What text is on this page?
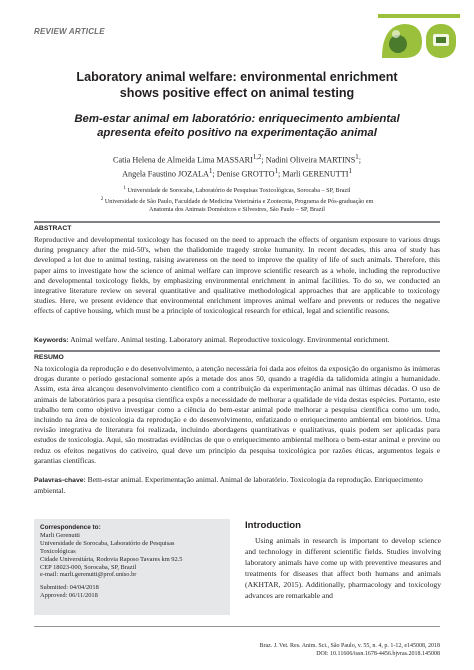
REVIEW ARTICLE
Laboratory animal welfare: environmental enrichment
shows positive effect on animal testing
Bem-estar animal em laboratório: enriquecimento ambiental
apresenta efeito positivo na experimentação animal
Catia Helena de Almeida Lima MASSARI$^{1,2}$; Nadini Oliveira MARTINS$^1$;
Angela Faustino JOZALA$^1$; Denise GROTTO$^1$; Marli GERENUTTI$^1$
$^1$ Universidade de Sorocaba, Laboratório de Pesquisas Toxicológicas, Sorocaba – SP, Brazil
$^2$ Universidade de São Paulo, Faculdade de Medicina Veterinária e Zootecnia, Programa de Pós-graduação em Anatomia dos Animais Domésticos e Silvestres, São Paulo – SP, Brazil
ABSTRACT
Reproductive and developmental toxicology has focused on the need to approach the effects of organism exposure to various drugs during pregnancy after the mid-50's, when the thalidomide tragedy stroke humanity. In recent decades, this area of study has developed a lot due to animal testing, raising awareness on the need to improve the quality of life of such animals. Therefore, this paper aims to investigate how the science of animal welfare can improve scientific research as a whole, including the reproductive and developmental toxicology fields, by emphasizing environmental enrichment in animal facilities. To do so, we conducted an integrative literature review on several quantitative and qualitative methodological approaches that are applicable to toxicology studies. Here, we present evidence that environmental enrichment improves animal welfare and prevents or reduces the negative effects of captive housing, which must be a principle of toxicological research for ethical, legal and scientific reasons.
Keywords: Animal welfare. Animal testing. Laboratory animal. Reproductive toxicology. Environmental enrichment.
RESUMO
Na toxicologia da reprodução e do desenvolvimento, a atenção necessária foi dada aos efeitos da exposição do organismo às inúmeras drogas durante o período gestacional somente após a metade dos anos 50, quando a tragédia da talidomida atingiu a humanidade. Assim, esta área alcançou desenvolvimento científico com a contribuição da experimentação animal nas últimas décadas. O uso de animais de laboratórios para a pesquisa científica expôs a necessidade de melhorar a qualidade de vida destas espécies. Portanto, este trabalho tem como objetivo investigar como a ciência do bem-estar animal pode melhorar a pesquisa científica como um todo, incluindo na área de toxicologia da reprodução e do desenvolvimento, enfatizando o enriquecimento ambiental em biotérios. Uma revisão integrativa de literatura foi realizada, incluindo abordagens quantitativas e qualitativas, quais podem ser aplicadas para estudos de toxicologia. Aqui, são mostradas evidências de que o enriquecimento ambiental melhora o bem-estar animal e previne ou reduz os efeitos negativos do cativeiro, qual deve um princípio da pesquisa toxicológica por razões éticas, argumentos legais e garantias científicas.
Palavras-chave: Bem-estar animal. Experimentação animal. Animal de laboratório. Toxicologia da reprodução. Enriquecimento ambiental.
Correspondence to:
Marli Gerenutti
Universidade de Sorocaba, Laboratório de Pesquisas
Toxicológicas
Cidade Universitária, Rodovia Raposo Tavares km 92.5
CEP 18023-000, Sorocaba, SP, Brazil
e-mail: marli.gerenutti@prof.uniso.br
Submitted: 04/04/2018
Approved: 06/11/2018
Introduction
Using animals in research is important to develop science and technology in different scientific fields. Studies involving laboratory animals have come up with preventive measures and treatments for diseases that affect both humans and animals (AKHTAR, 2015). Additionally, pharmacology and toxicology advances are remarkable and
Braz. J. Vet. Res. Anim. Sci., São Paulo, v. 55, n. 4, p. 1-12, e145008, 2018
DOI: 10.11606/issn.1678-4456.bjvras.2018.145008
